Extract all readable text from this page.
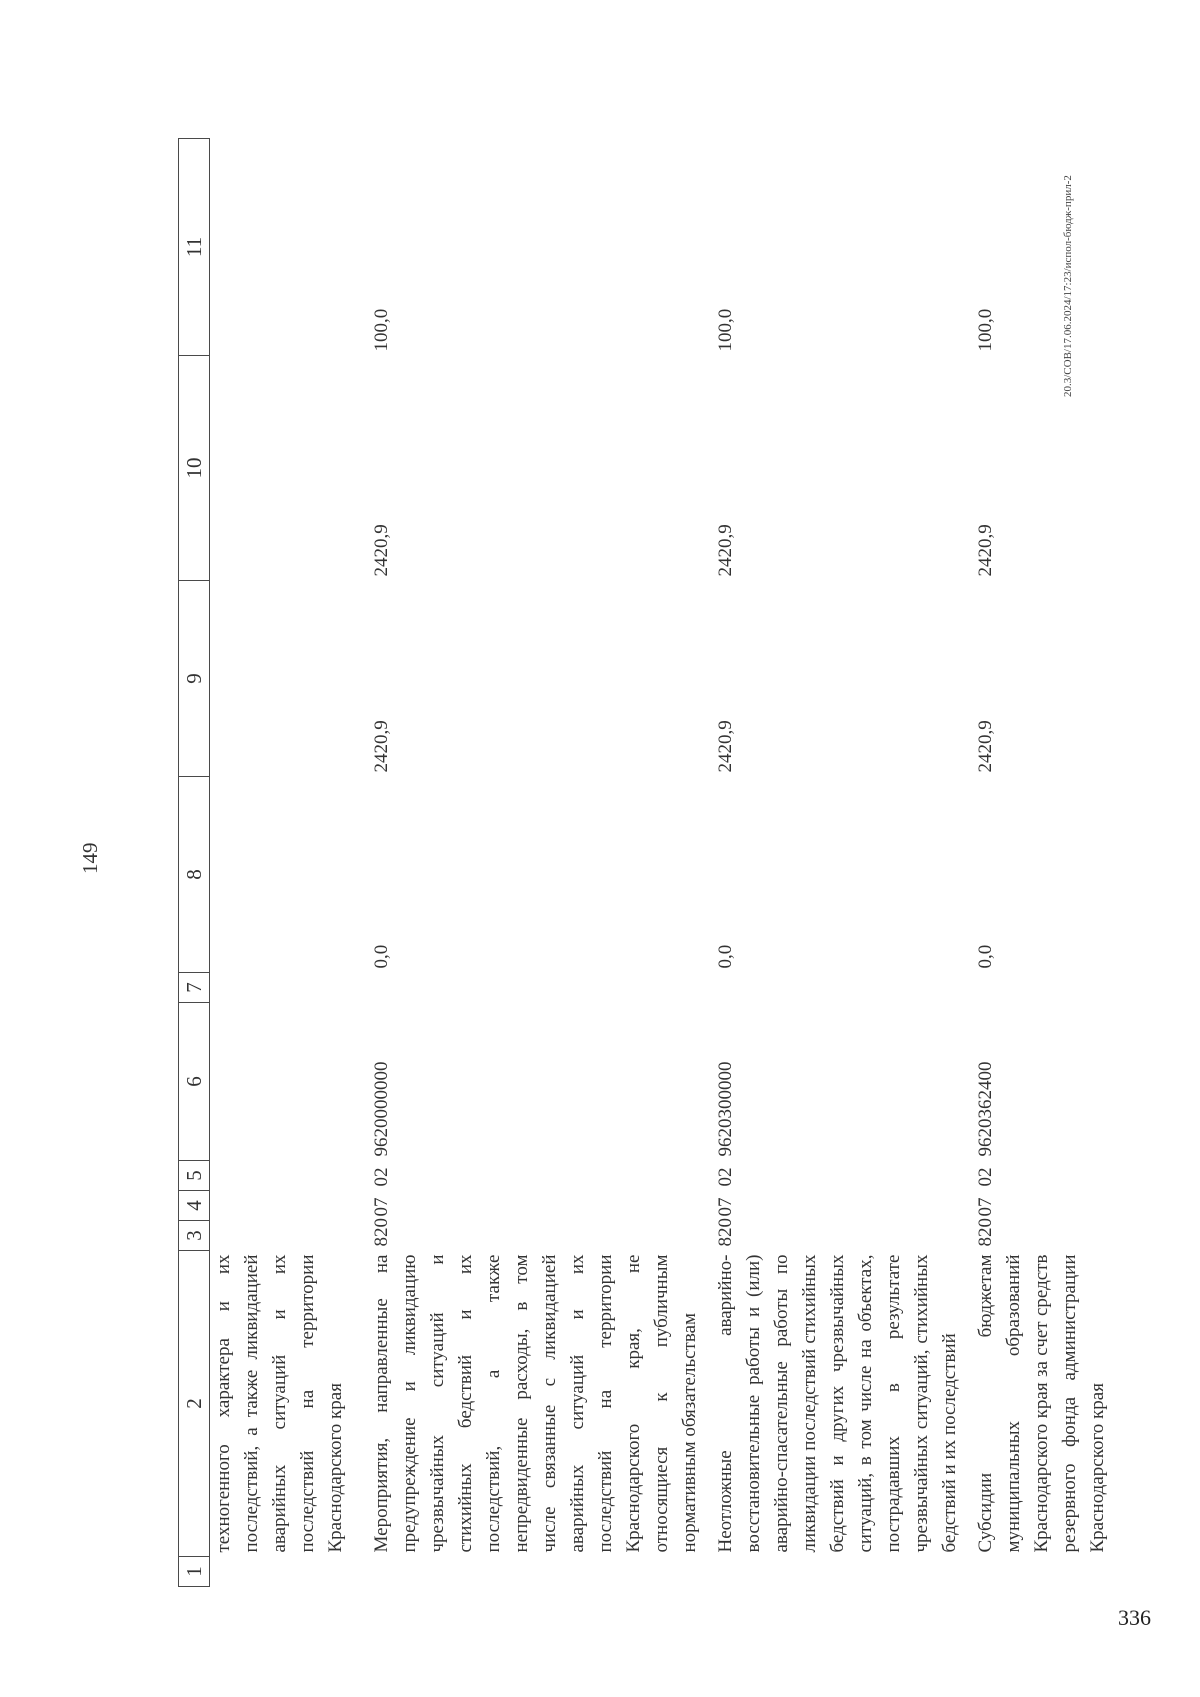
149
1	2	3	4	5	6	7	8	9	10	11
	техногенного характера и их последствий, а также ликвидацией аварийных ситуаций и их последствий на территории Краснодарского края									
	Мероприятия, направленные на предупреждение и ликвидацию чрезвычайных ситуаций и стихийных бедствий и их последствий, а также непредвиденные расходы, в том числе связанные с ликвидацией аварийных ситуаций и их последствий на территории Краснодарского края, не относящиеся к публичным нормативным обязательствам	820	07	02	9620000000		0,0	2420,9	2420,9	100,0
	Неотложные аварийно-восстановительные работы и (или) аварийно-спасательные работы по ликвидации последствий стихийных бедствий и других чрезвычайных ситуаций, в том числе на объектах, пострадавших в результате чрезвычайных ситуаций, стихийных бедствий и их последствий	820	07	02	9620300000		0,0	2420,9	2420,9	100,0
	Субсидии бюджетам муниципальных образований Краснодарского края за счет средств резервного фонда администрации Краснодарского края	820	07	02	9620362400		0,0	2420,9	2420,9	100,0	20.3/СОВ/17.06.2024/17:23/испол-бюдж-прил-2
336
